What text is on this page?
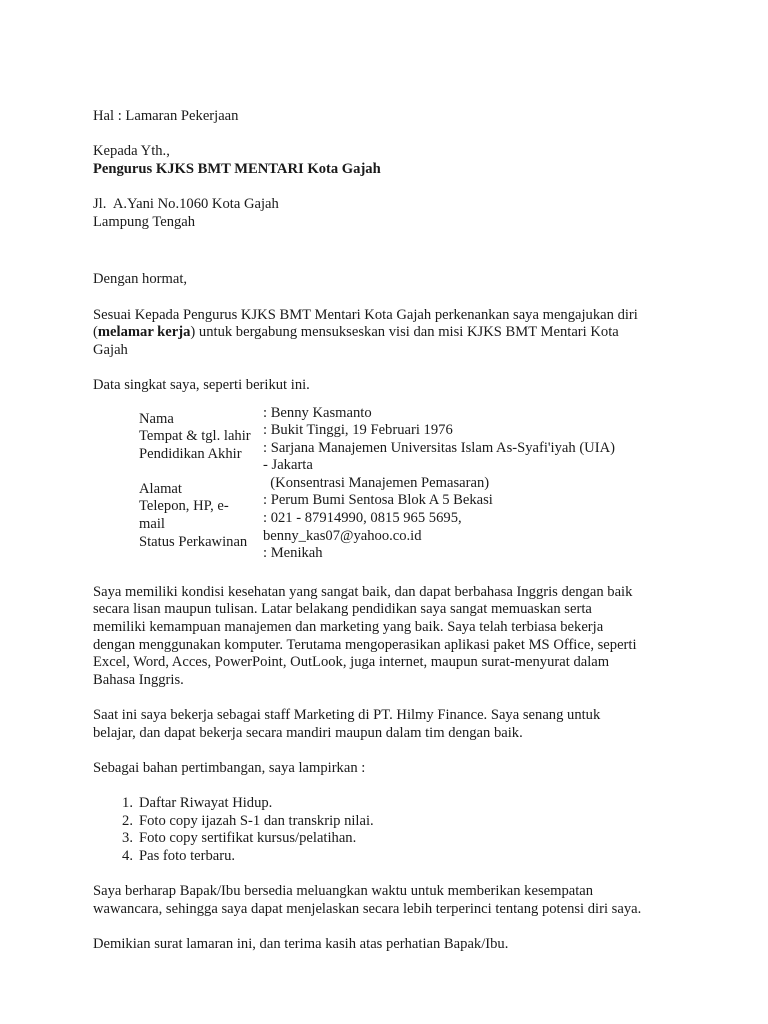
Hal : Lamaran Pekerjaan
Kepada Yth.,
Pengurus KJKS BMT MENTARI Kota Gajah
Jl.  A.Yani No.1060 Kota Gajah
Lampung Tengah
Dengan hormat,
Sesuai Kepada Pengurus KJKS BMT Mentari Kota Gajah perkenankan saya mengajukan diri
(melamar kerja) untuk bergabung mensukseskan visi dan misi KJKS BMT Mentari Kota
Gajah
Data singkat saya, seperti berikut ini.
Nama
Tempat & tgl. lahir
Pendidikan Akhir
Alamat
Telepon, HP, e-
mail
Status Perkawinan
: Benny Kasmanto
: Bukit Tinggi, 19 Februari 1976
: Sarjana Manajemen Universitas Islam As-Syafi'iyah (UIA)
- Jakarta
(Konsentrasi Manajemen Pemasaran)
: Perum Bumi Sentosa Blok A 5 Bekasi
: 021 - 87914990, 0815 965 5695,
benny_kas07@yahoo.co.id
: Menikah
Saya memiliki kondisi kesehatan yang sangat baik, dan dapat berbahasa Inggris dengan baik
secara lisan maupun tulisan. Latar belakang pendidikan saya sangat memuaskan serta
memiliki kemampuan manajemen dan marketing yang baik. Saya telah terbiasa bekerja
dengan menggunakan komputer. Terutama mengoperasikan aplikasi paket MS Office, seperti
Excel, Word, Acces, PowerPoint, OutLook, juga internet, maupun surat-menyurat dalam
Bahasa Inggris.
Saat ini saya bekerja sebagai staff Marketing di PT. Hilmy Finance. Saya senang untuk
belajar, dan dapat bekerja secara mandiri maupun dalam tim dengan baik.
Sebagai bahan pertimbangan, saya lampirkan :
1. Daftar Riwayat Hidup.
2. Foto copy ijazah S-1 dan transkrip nilai.
3. Foto copy sertifikat kursus/pelatihan.
4. Pas foto terbaru.
Saya berharap Bapak/Ibu bersedia meluangkan waktu untuk memberikan kesempatan
wawancara, sehingga saya dapat menjelaskan secara lebih terperinci tentang potensi diri saya.
Demikian surat lamaran ini, dan terima kasih atas perhatian Bapak/Ibu.
